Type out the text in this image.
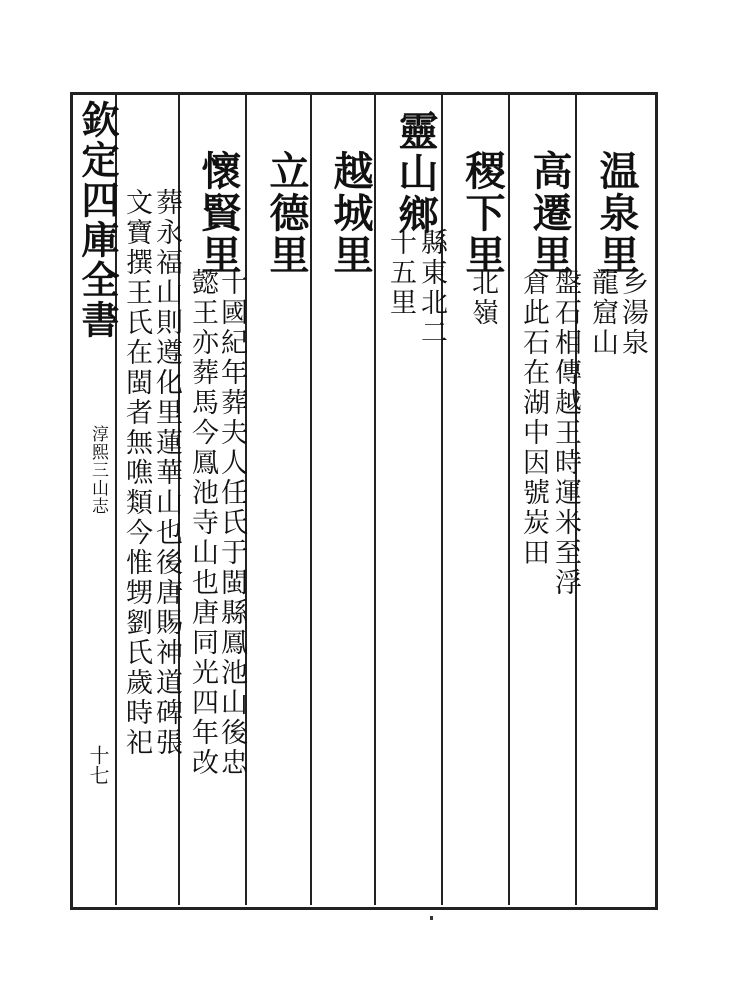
欽定四庫全書
淳熙三山志
十七
温泉里
乡湯泉
龍窟山
高遷里
盤石相傳越王時運米至浮
倉此石在湖中因號炭田
稷下里
北嶺
靈山鄉
縣東北二
十五里
越城里
立德里
懷賢里
十國紀年葬夫人任氏于閩縣鳳池山後忠
懿王亦葬馬今鳳池寺山也唐同光四年改
葬永福山則遵化里蓮華山也後唐賜神道碑張
文寶撰王氏在閩者無噍類今惟甥劉氏歲時祀
